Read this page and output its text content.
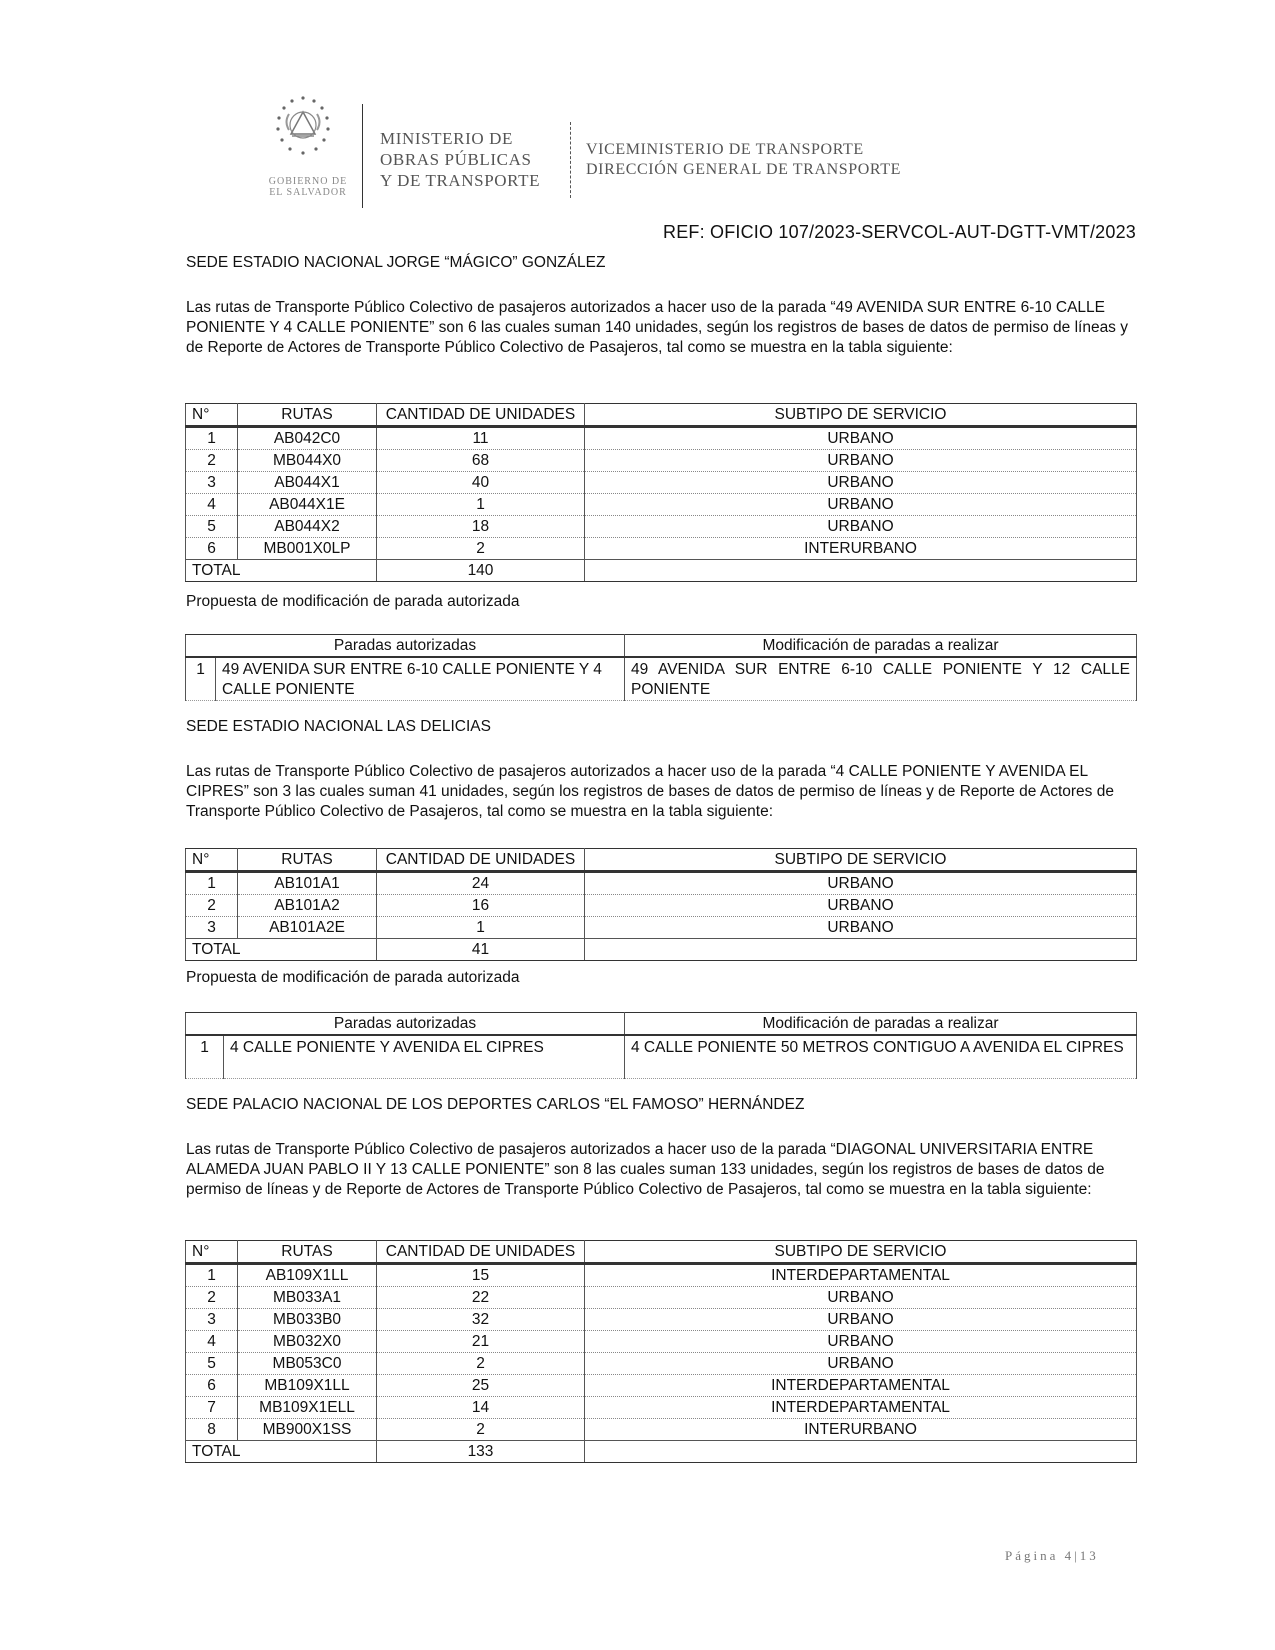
GOBIERNO DE
EL SALVADOR
MINISTERIO DE
OBRAS PÚBLICAS
Y DE TRANSPORTE
VICEMINISTERIO DE TRANSPORTE
DIRECCIÓN GENERAL DE TRANSPORTE
REF: OFICIO 107/2023-SERVCOL-AUT-DGTT-VMT/2023
SEDE ESTADIO NACIONAL JORGE “MÁGICO” GONZÁLEZ
Las rutas de Transporte Público Colectivo de pasajeros autorizados a hacer uso de la parada “49 AVENIDA SUR ENTRE 6-10 CALLE PONIENTE Y 4 CALLE PONIENTE” son 6 las cuales suman 140 unidades, según los registros de bases de datos de permiso de líneas y de Reporte de Actores de Transporte Público Colectivo de Pasajeros, tal como se muestra en la tabla siguiente:
N°	RUTAS	CANTIDAD DE UNIDADES	SUBTIPO DE SERVICIO
1	AB042C0	11	URBANO
2	MB044X0	68	URBANO
3	AB044X1	40	URBANO
4	AB044X1E	1	URBANO
5	AB044X2	18	URBANO
6	MB001X0LP	2	INTERURBANO
TOTAL		140	
Propuesta de modificación de parada autorizada
Paradas autorizadas		Modificación de paradas a realizar
1	49 AVENIDA SUR ENTRE 6-10 CALLE PONIENTE Y 4 CALLE PONIENTE	49 AVENIDA SUR ENTRE 6-10 CALLE PONIENTE Y 12 CALLE PONIENTE
SEDE ESTADIO NACIONAL LAS DELICIAS
Las rutas de Transporte Público Colectivo de pasajeros autorizados a hacer uso de la parada “4 CALLE PONIENTE Y AVENIDA EL CIPRES” son 3 las cuales suman 41 unidades, según los registros de bases de datos de permiso de líneas y de Reporte de Actores de Transporte Público Colectivo de Pasajeros, tal como se muestra en la tabla siguiente:
N°	RUTAS	CANTIDAD DE UNIDADES	SUBTIPO DE SERVICIO
1	AB101A1	24	URBANO
2	AB101A2	16	URBANO
3	AB101A2E	1	URBANO
TOTAL		41	
Propuesta de modificación de parada autorizada
Paradas autorizadas		Modificación de paradas a realizar
1	4 CALLE PONIENTE Y AVENIDA EL CIPRES	4 CALLE PONIENTE 50 METROS CONTIGUO A AVENIDA EL CIPRES
SEDE PALACIO NACIONAL DE LOS DEPORTES CARLOS “EL FAMOSO” HERNÁNDEZ
Las rutas de Transporte Público Colectivo de pasajeros autorizados a hacer uso de la parada “DIAGONAL UNIVERSITARIA ENTRE ALAMEDA JUAN PABLO II Y 13 CALLE PONIENTE” son 8 las cuales suman 133 unidades, según los registros de bases de datos de permiso de líneas y de Reporte de Actores de Transporte Público Colectivo de Pasajeros, tal como se muestra en la tabla siguiente:
N°	RUTAS	CANTIDAD DE UNIDADES	SUBTIPO DE SERVICIO
1	AB109X1LL	15	INTERDEPARTAMENTAL
2	MB033A1	22	URBANO
3	MB033B0	32	URBANO
4	MB032X0	21	URBANO
5	MB053C0	2	URBANO
6	MB109X1LL	25	INTERDEPARTAMENTAL
7	MB109X1ELL	14	INTERDEPARTAMENTAL
8	MB900X1SS	2	INTERURBANO
TOTAL		133	
Página 4|13
